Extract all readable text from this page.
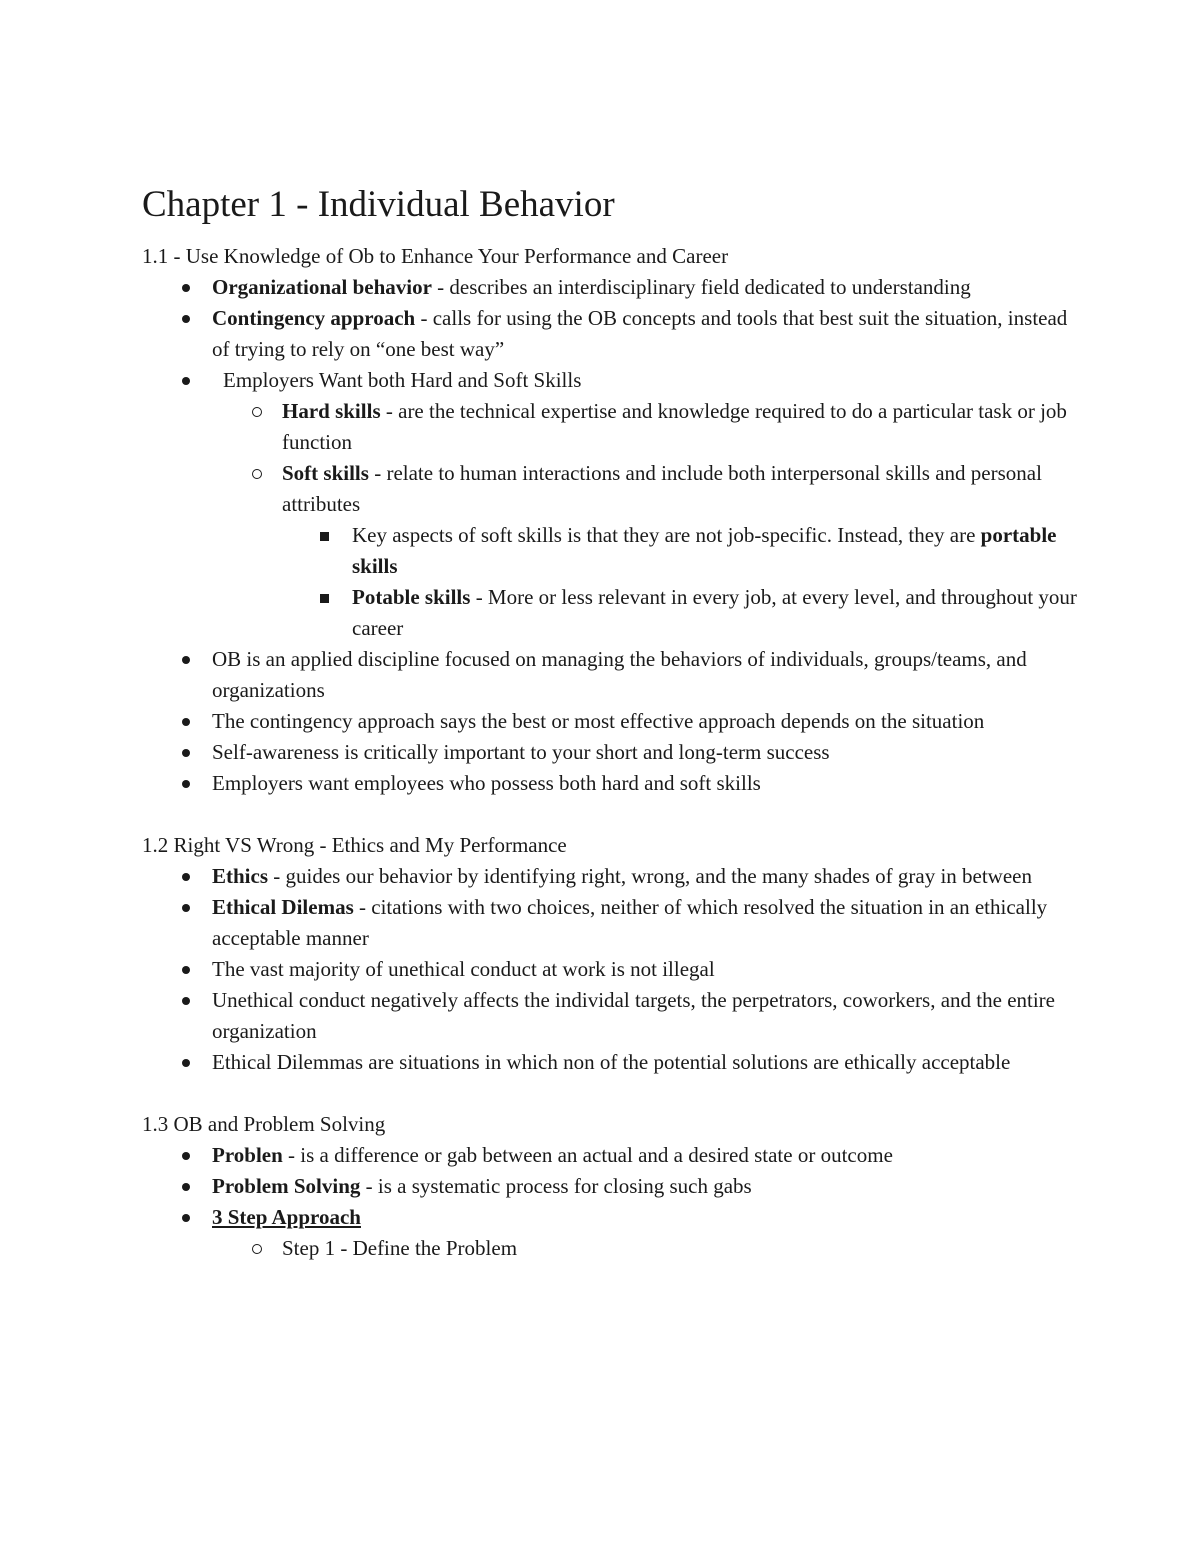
Chapter 1 - Individual Behavior

1.1 - Use Knowledge of Ob to Enhance Your Performance and Career

Organizational behavior - describes an interdisciplinary field dedicated to understanding
Contingency approach - calls for using the OB concepts and tools that best suit the situation, instead of trying to rely on “one best way”
Employers Want both Hard and Soft Skills
Hard skills - are the technical expertise and knowledge required to do a particular task or job function
Soft skills - relate to human interactions and include both interpersonal skills and personal attributes
Key aspects of soft skills is that they are not job-specific. Instead, they are portable skills
Potable skills - More or less relevant in every job, at every level, and throughout your career
OB is an applied discipline focused on managing the behaviors of individuals, groups/teams, and organizations
The contingency approach says the best or most effective approach depends on the situation
Self-awareness is critically important to your short and long-term success
Employers want employees who possess both hard and soft skills

1.2 Right VS Wrong - Ethics and My Performance

Ethics - guides our behavior by identifying right, wrong, and the many shades of gray in between
Ethical Dilemas - citations with two choices, neither of which resolved the situation in an ethically acceptable manner
The vast majority of unethical conduct at work is not illegal
Unethical conduct negatively affects the individal targets, the perpetrators, coworkers, and the entire organization
Ethical Dilemmas are situations in which non of the potential solutions are ethically acceptable

1.3 OB and Problem Solving

Problen - is a difference or gab between an actual and a desired state or outcome
Problem Solving - is a systematic process for closing such gabs
3 Step Approach
Step 1 - Define the Problem
